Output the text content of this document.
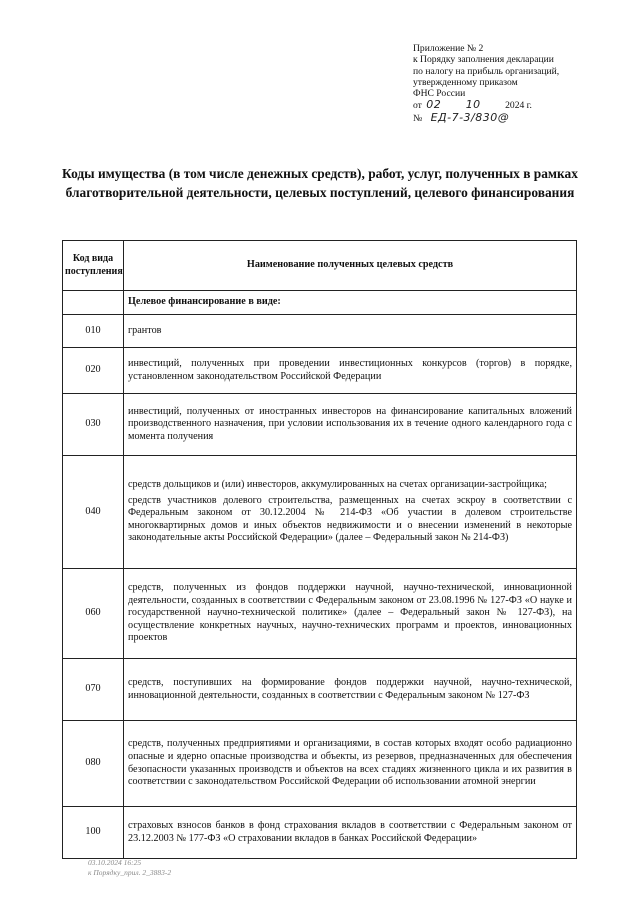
Приложение № 2
к Порядку заполнения декларации
по налогу на прибыль организаций,
утвержденному приказом
ФНС России
от 02 10	2024 г.
№ ЕД-7-3/830@
Коды имущества (в том числе денежных средств), работ, услуг, полученных в рамках благотворительной деятельности, целевых поступлений, целевого финансирования
Код вида поступления	Наименование полученных целевых средств
	Целевое финансирование в виде:
010	грантов

020	инвестиций, полученных при проведении инвестиционных конкурсов (торгов) в порядке, установленном законодательством Российской Федерации

030	инвестиций, полученных от иностранных инвесторов на финансирование капитальных вложений производственного назначения, при условии использования их в течение одного календарного года с момента получения

040	средств дольщиков и (или) инвесторов, аккумулированных на счетах организации-застройщика;
средств участников долевого строительства, размещенных на счетах эскроу в соответствии с Федеральным законом от 30.12.2004 № 214-ФЗ «Об участии в долевом строительстве многоквартирных домов и иных объектов недвижимости и о внесении изменений в некоторые законодательные акты Российской Федерации» (далее – Федеральный закон № 214-ФЗ)

060	средств, полученных из фондов поддержки научной, научно-технической, инновационной деятельности, созданных в соответствии с Федеральным законом от 23.08.1996 № 127-ФЗ «О науке и государственной научно-технической политике» (далее – Федеральный закон № 127-ФЗ), на осуществление конкретных научных, научно-технических программ и проектов, инновационных проектов

070	средств, поступивших на формирование фондов поддержки научной, научно-технической, инновационной деятельности, созданных в соответствии с Федеральным законом № 127-ФЗ

080	средств, полученных предприятиями и организациями, в состав которых входят особо радиационно опасные и ядерно опасные производства и объекты, из резервов, предназначенных для обеспечения безопасности указанных производств и объектов на всех стадиях жизненного цикла и их развития в соответствии с законодательством Российской Федерации об использовании атомной энергии

100	страховых взносов банков в фонд страхования вкладов в соответствии с Федеральным законом от 23.12.2003 № 177-ФЗ «О страховании вкладов в банках Российской Федерации»
03.10.2024 16:25
к Порядку_прил. 2_3883-2
